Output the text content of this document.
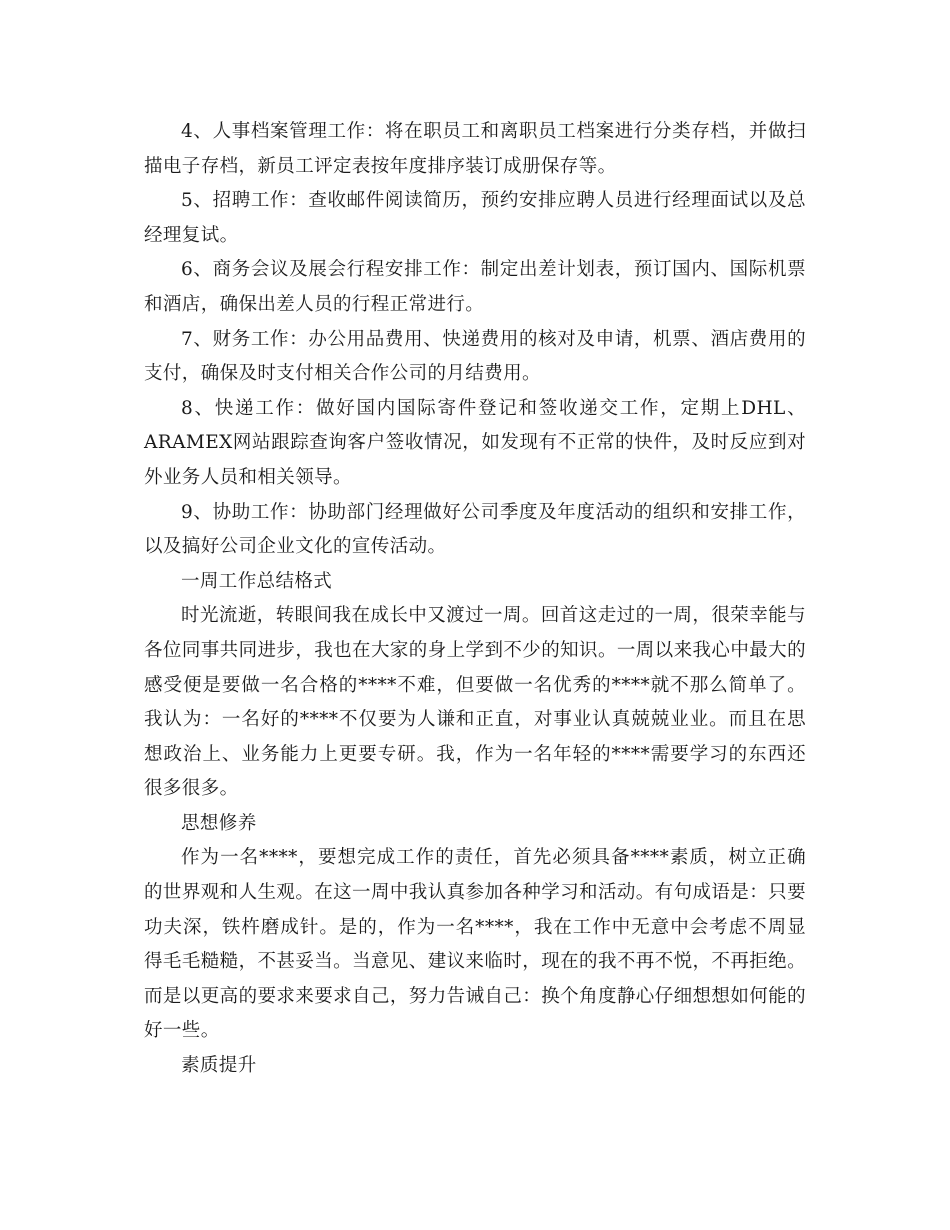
4、人事档案管理工作：将在职员工和离职员工档案进行分类存档，并做扫描电子存档，新员工评定表按年度排序装订成册保存等。

5、招聘工作：查收邮件阅读简历，预约安排应聘人员进行经理面试以及总经理复试。

6、商务会议及展会行程安排工作：制定出差计划表，预订国内、国际机票和酒店，确保出差人员的行程正常进行。

7、财务工作：办公用品费用、快递费用的核对及申请，机票、酒店费用的支付，确保及时支付相关合作公司的月结费用。

8、快递工作：做好国内国际寄件登记和签收递交工作，定期上DHL、ARAMEX网站跟踪查询客户签收情况，如发现有不正常的快件，及时反应到对外业务人员和相关领导。

9、协助工作：协助部门经理做好公司季度及年度活动的组织和安排工作，以及搞好公司企业文化的宣传活动。

一周工作总结格式

时光流逝，转眼间我在成长中又渡过一周。回首这走过的一周，很荣幸能与各位同事共同进步，我也在大家的身上学到不少的知识。一周以来我心中最大的感受便是要做一名合格的****不难，但要做一名优秀的****就不那么简单了。我认为：一名好的****不仅要为人谦和正直，对事业认真兢兢业业。而且在思想政治上、业务能力上更要专研。我，作为一名年轻的****需要学习的东西还很多很多。

思想修养

作为一名****，要想完成工作的责任，首先必须具备****素质，树立正确的世界观和人生观。在这一周中我认真参加各种学习和活动。有句成语是：只要功夫深，铁杵磨成针。是的，作为一名****，我在工作中无意中会考虑不周显得毛毛糙糙，不甚妥当。当意见、建议来临时，现在的我不再不悦，不再拒绝。而是以更高的要求来要求自己，努力告诫自己：换个角度静心仔细想想如何能的好一些。

素质提升
